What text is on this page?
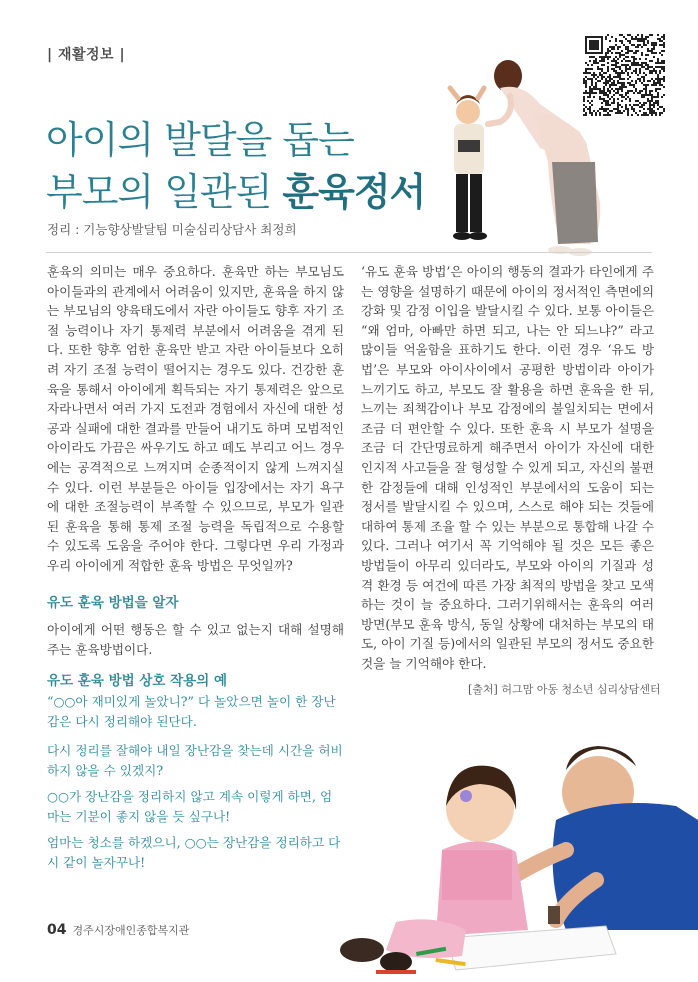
| 재활정보 |
아이의 발달을 돕는
부모의 일관된 훈육정서
정리 : 기능향상발달팀 미술심리상담사 최정희

훈육의 의미는 매우 중요하다. 훈육만 하는 부모님도 아이들과의 관계에서 어려움이 있지만, 훈육을 하지 않는 부모님의 양육태도에서 자란 아이들도 향후 자기 조절 능력이나 자기 통제력 부분에서 어려움을 겪게 된다. 또한 향후 엄한 훈육만 받고 자란 아이들보다 오히려 자기 조절 능력이 떨어지는 경우도 있다. 건강한 훈육을 통해서 아이에게 획득되는 자기 통제력은 앞으로 자라나면서 여러 가지 도전과 경험에서 자신에 대한 성공과 실패에 대한 결과를 만들어 내기도 하며 모범적인 아이라도 가끔은 싸우기도 하고 떼도 부리고 어느 경우에는 공격적으로 느껴지며 순종적이지 않게 느껴지실 수 있다. 이런 부분들은 아이들 입장에서는 자기 욕구에 대한 조절능력이 부족할 수 있으므로, 부모가 일관된 훈육을 통해 통제 조절 능력을 독립적으로 수용할 수 있도록 도움을 주어야 한다. 그렇다면 우리 가정과 우리 아이에게 적합한 훈육 방법은 무엇일까?

유도 훈육 방법을 알자
아이에게 어떤 행동은 할 수 있고 없는지 대해 설명해 주는 훈육방법이다.
유도 훈육 방법 상호 작용의 예
“○○아 재미있게 놀았니?” 다 놀았으면 놀이 한 장난감은 다시 정리해야 된단다.
다시 정리를 잘해야 내일 장난감을 찾는데 시간을 허비하지 않을 수 있겠지?
○○가 장난감을 정리하지 않고 계속 이렇게 하면, 엄마는 기분이 좋지 않을 듯 싶구나!
엄마는 청소를 하겠으니, ○○는 장난감을 정리하고 다시 같이 놀자꾸나!

‘유도 훈육 방법’은 아이의 행동의 결과가 타인에게 주는 영향을 설명하기 때문에 아이의 정서적인 측면에의 강화 및 감정 이입을 발달시킬 수 있다. 보통 아이들은 “왜 엄마, 아빠만 하면 되고, 나는 안 되느냐?” 라고 많이들 억울함을 표하기도 한다. 이런 경우 ‘유도 방법’은 부모와 아이사이에서 공평한 방법이라 아이가 느끼기도 하고, 부모도 잘 활용을 하면 훈육을 한 뒤, 느끼는 죄책감이나 부모 감정에의 불일치되는 면에서 조금 더 편안할 수 있다. 또한 훈육 시 부모가 설명을 조금 더 간단명료하게 해주면서 아이가 자신에 대한 인지적 사고들을 잘 형성할 수 있게 되고, 자신의 불편한 감정들에 대해 인성적인 부분에서의 도움이 되는 정서를 발달시킬 수 있으며, 스스로 해야 되는 것들에 대하여 통제 조율 할 수 있는 부분으로 통합해 나갈 수 있다. 그러나 여기서 꼭 기억해야 될 것은 모든 좋은 방법들이 아무리 있더라도, 부모와 아이의 기질과 성격 환경 등 여건에 따른 가장 최적의 방법을 찾고 모색하는 것이 늘 중요하다. 그러기위해서는 훈육의 여러 방면(부모 훈육 방식, 동일 상황에 대처하는 부모의 태도, 아이 기질 등)에서의 일관된 부모의 정서도 중요한 것을 늘 기억해야 한다.

[출처] 허그맘 아동 청소년 심리상담센터
04 경주시장애인종합복지관
